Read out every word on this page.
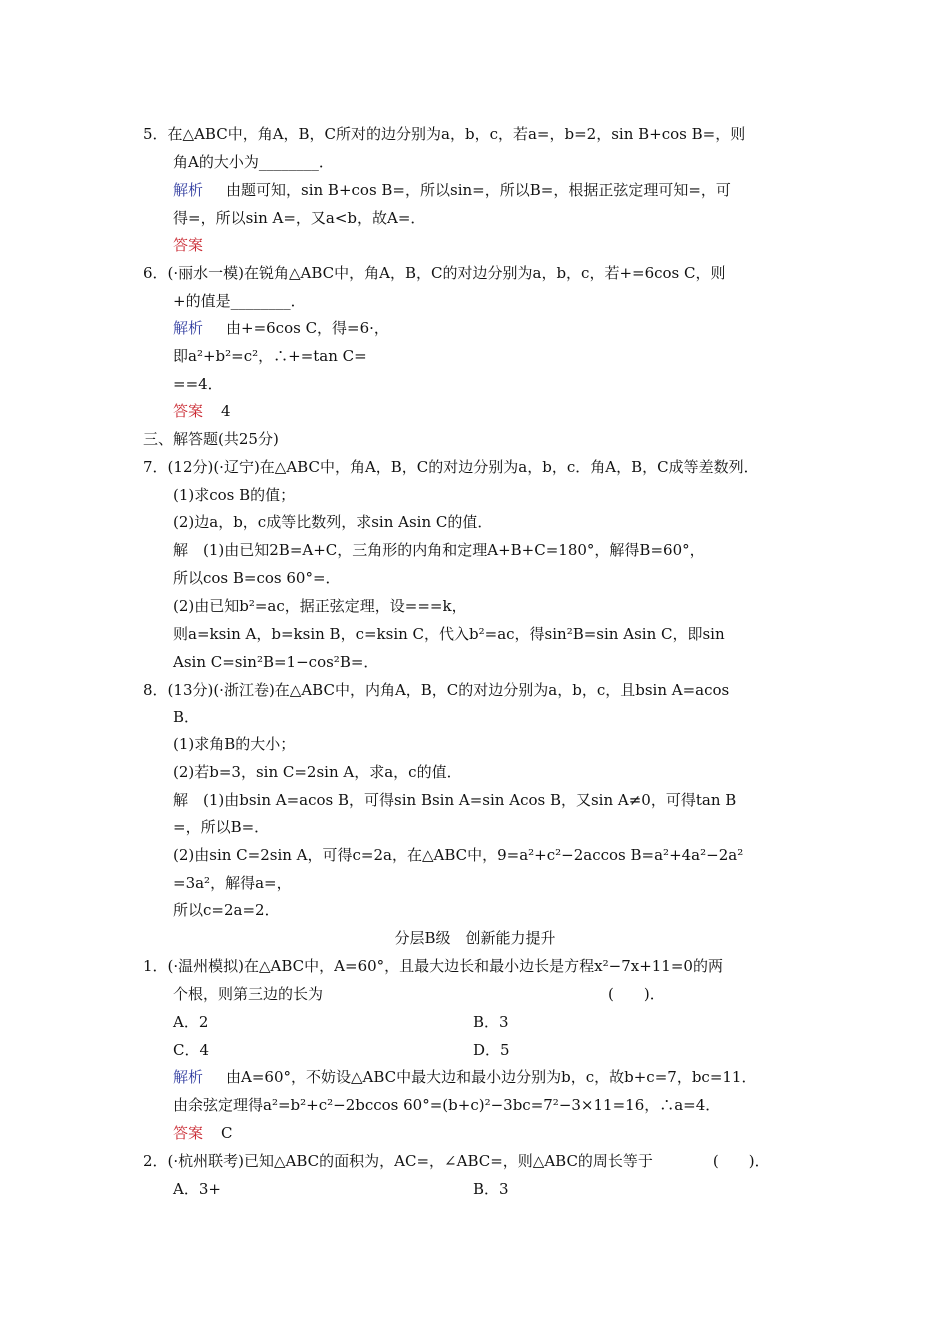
5．在△ABC中，角A，B，C所对的边分别为a，b，c，若a=，b=2，sin B+cos B=，则
角A的大小为________．
解析 由题可知，sin B+cos B=，所以sin=，所以B=，根据正弦定理可知=，可
得=，所以sin A=，又a<b，故A=．
答案
6．(·丽水一模)在锐角△ABC中，角A，B，C的对边分别为a，b，c，若+=6cos C，则
+的值是________．
解析 由+=6cos C，得=6·，
即a²+b²=c²，∴+=tan C=
==4．
答案 4
三、解答题(共25分)
7．(12分)(·辽宁)在△ABC中，角A，B，C的对边分别为a，b，c．角A，B，C成等差数列．
(1)求cos B的值；
(2)边a，b，c成等比数列，求sin Asin C的值．
解　(1)由已知2B=A+C，三角形的内角和定理A+B+C=180°，解得B=60°，
所以cos B=cos 60°=．
(2)由已知b²=ac，据正弦定理，设===k，
则a=ksin A，b=ksin B，c=ksin C，代入b²=ac，得sin²B=sin Asin C，即sin
Asin C=sin²B=1−cos²B=．
8．(13分)(·浙江卷)在△ABC中，内角A，B，C的对边分别为a，b，c，且bsin A=acos
B．
(1)求角B的大小；
(2)若b=3，sin C=2sin A，求a，c的值．
解　(1)由bsin A=acos B，可得sin Bsin A=sin Acos B，又sin A≠0，可得tan B
=，所以B=．
(2)由sin C=2sin A，可得c=2a，在△ABC中，9=a²+c²−2accos B=a²+4a²−2a²
=3a²，解得a=，
所以c=2a=2．
分层B级　创新能力提升
1．(·温州模拟)在△ABC中，A=60°，且最大边长和最小边长是方程x²−7x+11=0的两
个根，则第三边的长为　　　　　　　　　　　　　　　　　　　(　　)．
A．2	B．3
C．4	D．5
解析 由A=60°，不妨设△ABC中最大边和最小边分别为b，c，故b+c=7，bc=11．
由余弦定理得a²=b²+c²−2bccos 60°=(b+c)²−3bc=7²−3×11=16，∴a=4．
答案 C
2．(·杭州联考)已知△ABC的面积为，AC=，∠ABC=，则△ABC的周长等于　　　　(　　)．
A．3+	B．3
